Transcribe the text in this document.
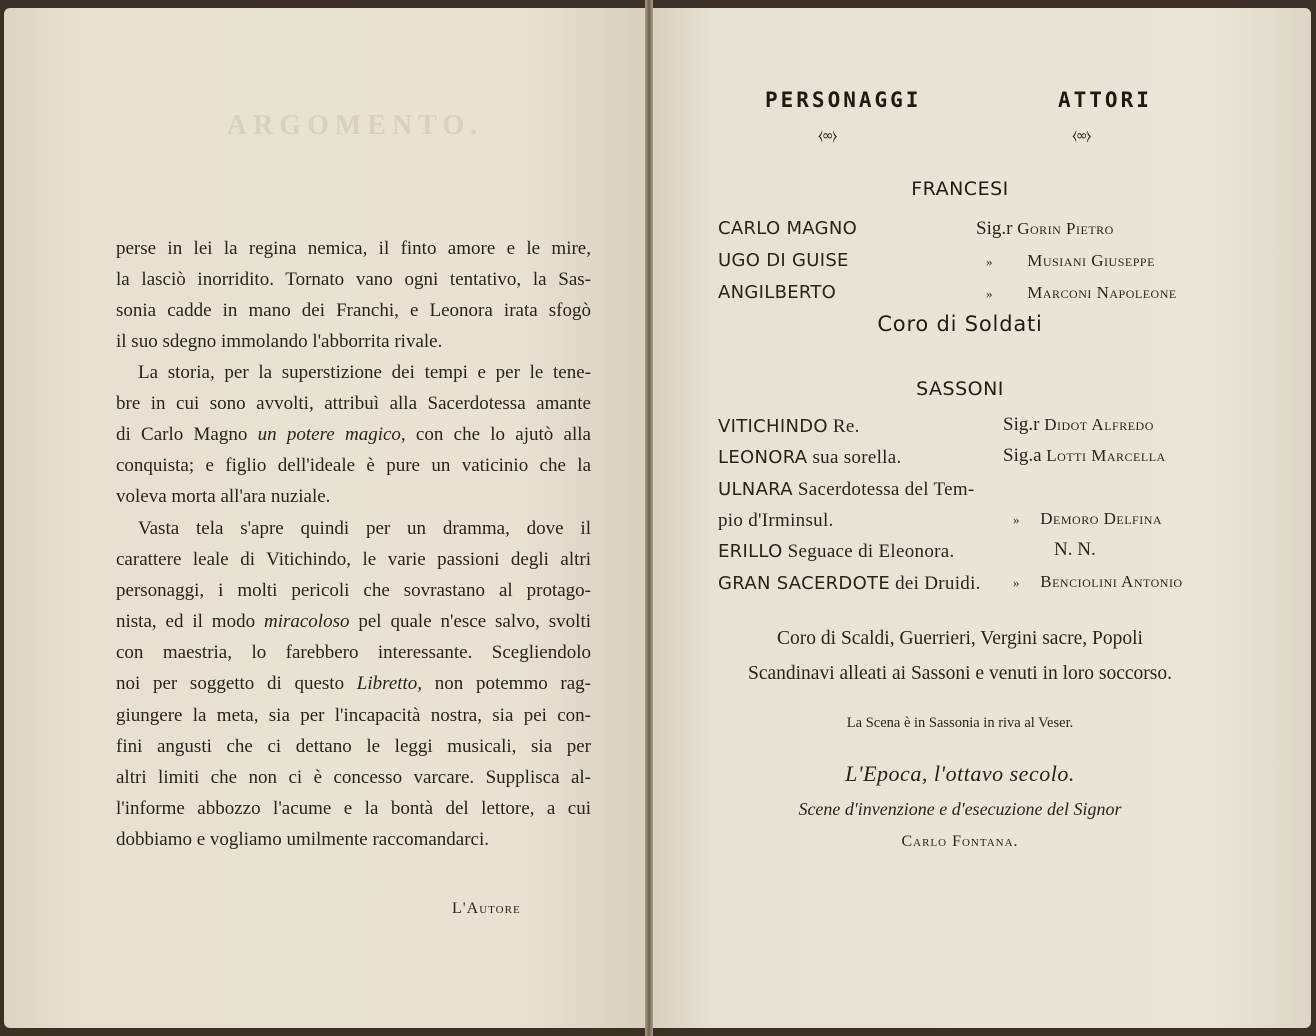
ARGOMENTO.
perse in lei la regina nemica, il finto amore e le mire,
la lasciò inorridito. Tornato vano ogni tentativo, la Sas-
sonia cadde in mano dei Franchi, e Leonora irata sfogò
il suo sdegno immolando l'abborrita rivale.
La storia, per la superstizione dei tempi e per le tene-
bre in cui sono avvolti, attribuì alla Sacerdotessa amante
di Carlo Magno un potere magico, con che lo ajutò alla
conquista; e figlio dell'ideale è pure un vaticinio che la
voleva morta all'ara nuziale.
Vasta tela s'apre quindi per un dramma, dove il
carattere leale di Vitichindo, le varie passioni degli altri
personaggi, i molti pericoli che sovrastano al protago-
nista, ed il modo miracoloso pel quale n'esce salvo, svolti
con maestria, lo farebbero interessante. Scegliendolo
noi per soggetto di questo Libretto, non potemmo rag-
giungere la meta, sia per l'incapacità nostra, sia pei con-
fini angusti che ci dettano le leggi musicali, sia per
altri limiti che non ci è concesso varcare. Supplisca al-
l'informe abbozzo l'acume e la bontà del lettore, a cui
dobbiamo e vogliamo umilmente raccomandarci.
L'Autore
PERSONAGGI	ATTORI
⧼∞⧽	⧼∞⧽
FRANCESI
CARLO MAGNO	Sig.r Gorin Pietro
UGO DI GUISE	» Musiani Giuseppe
ANGILBERTO	» Marconi Napoleone
Coro di Soldati
SASSONI
VITICHINDO Re.	Sig.r Didot Alfredo
LEONORA sua sorella.	Sig.a Lotti Marcella
ULNARA Sacerdotessa del Tem-
pio d'Irminsul.	» Demoro Delfina
ERILLO Seguace di Eleonora.	N. N.
GRAN SACERDOTE dei Druidi. » Benciolini Antonio
Coro di Scaldi, Guerrieri, Vergini sacre, Popoli
Scandinavi alleati ai Sassoni e venuti in loro soccorso.
La Scena è in Sassonia in riva al Veser.
L'Epoca, l'ottavo secolo.
Scene d'invenzione e d'esecuzione del Signor
Carlo Fontana.
